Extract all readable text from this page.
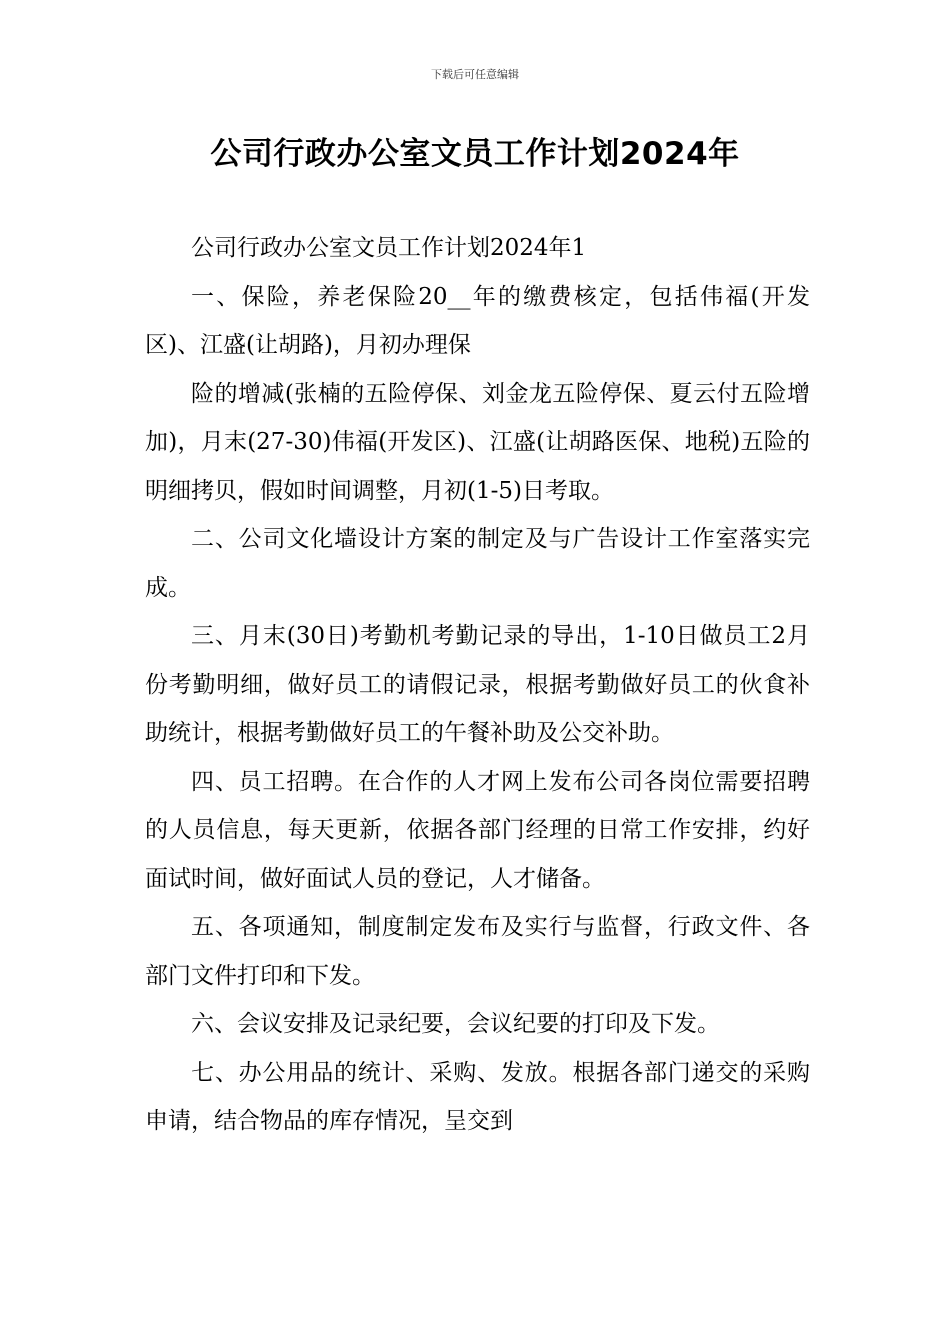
下载后可任意编辑
公司行政办公室文员工作计划2024年

公司行政办公室文员工作计划2024年1

一、保险，养老保险20__年的缴费核定，包括伟福(开发区)、江盛(让胡路)，月初办理保

险的增减(张楠的五险停保、刘金龙五险停保、夏云付五险增加)，月末(27-30)伟福(开发区)、江盛(让胡路医保、地税)五险的明细拷贝，假如时间调整，月初(1-5)日考取。

二、公司文化墙设计方案的制定及与广告设计工作室落实完成。

三、月末(30日)考勤机考勤记录的导出，1-10日做员工2月份考勤明细，做好员工的请假记录，根据考勤做好员工的伙食补助统计，根据考勤做好员工的午餐补助及公交补助。

四、员工招聘。在合作的人才网上发布公司各岗位需要招聘的人员信息，每天更新，依据各部门经理的日常工作安排，约好面试时间，做好面试人员的登记，人才储备。

五、各项通知，制度制定发布及实行与监督，行政文件、各部门文件打印和下发。

六、会议安排及记录纪要，会议纪要的打印及下发。

七、办公用品的统计、采购、发放。根据各部门递交的采购申请，结合物品的库存情况，呈交到
